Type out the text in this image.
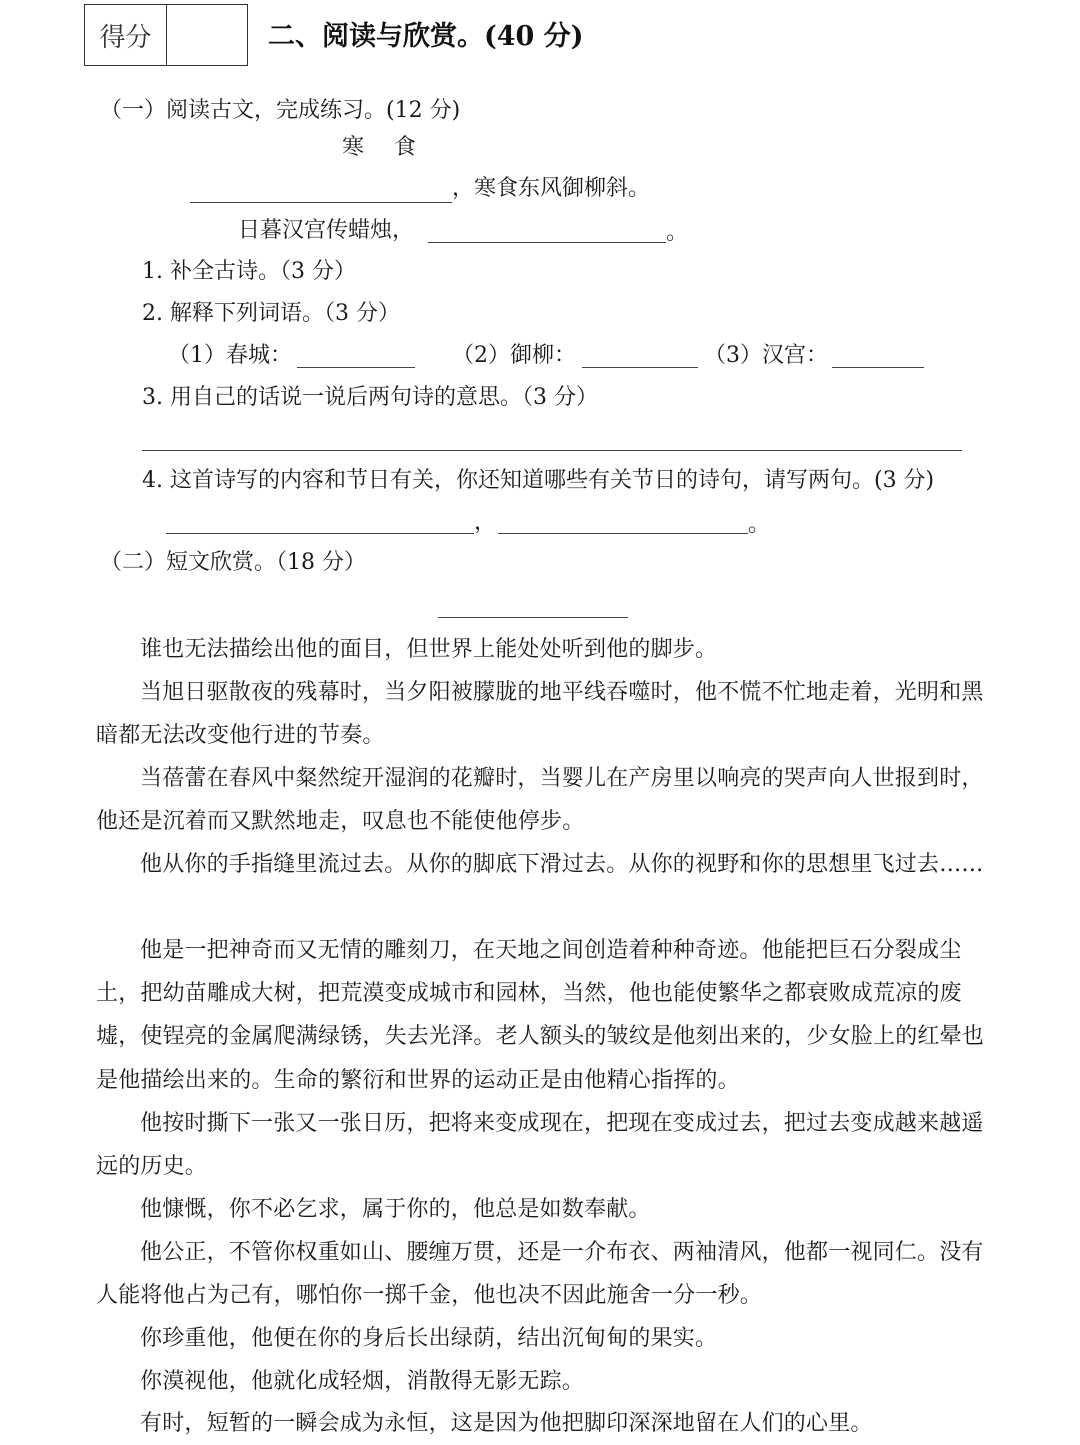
得分	二、阅读与欣赏。(40 分)
（一）阅读古文，完成练习。(12 分)
寒　食
，寒食东风御柳斜。
日暮汉宫传蜡烛，	。
1. 补全古诗。（3 分）
2. 解释下列词语。（3 分）
（1）春城：	（2）御柳：	（3）汉宫：
3. 用自己的话说一说后两句诗的意思。（3 分）
4. 这首诗写的内容和节日有关，你还知道哪些有关节日的诗句，请写两句。(3 分)
，	。
（二）短文欣赏。（18 分）

谁也无法描绘出他的面目，但世界上能处处听到他的脚步。

当旭日驱散夜的残幕时，当夕阳被朦胧的地平线吞噬时，他不慌不忙地走着，光明和黑暗都无法改变他行进的节奏。

当蓓蕾在春风中粲然绽开湿润的花瓣时，当婴儿在产房里以响亮的哭声向人世报到时，他还是沉着而又默然地走，叹息也不能使他停步。

他从你的手指缝里流过去。从你的脚底下滑过去。从你的视野和你的思想里飞过去……

他是一把神奇而又无情的雕刻刀，在天地之间创造着种种奇迹。他能把巨石分裂成尘土，把幼苗雕成大树，把荒漠变成城市和园林，当然，他也能使繁华之都衰败成荒凉的废墟，使锃亮的金属爬满绿锈，失去光泽。老人额头的皱纹是他刻出来的，少女脸上的红晕也是他描绘出来的。生命的繁衍和世界的运动正是由他精心指挥的。

他按时撕下一张又一张日历，把将来变成现在，把现在变成过去，把过去变成越来越遥远的历史。

他慷慨，你不必乞求，属于你的，他总是如数奉献。

他公正，不管你权重如山、腰缠万贯，还是一介布衣、两袖清风，他都一视同仁。没有人能将他占为己有，哪怕你一掷千金，他也决不因此施舍一分一秒。

你珍重他，他便在你的身后长出绿荫，结出沉甸甸的果实。

你漠视他，他就化成轻烟，消散得无影无踪。

有时，短暂的一瞬会成为永恒，这是因为他把脚印深深地留在人们的心里。
